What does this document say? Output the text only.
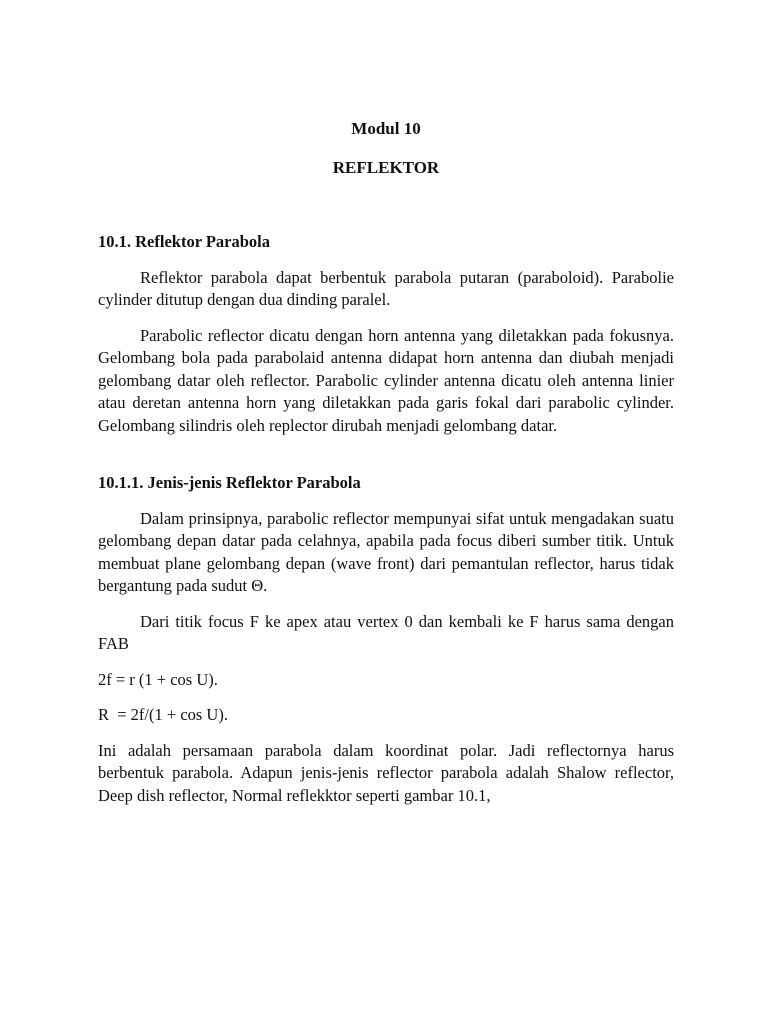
Modul 10
REFLEKTOR
10.1. Reflektor Parabola

Reflektor parabola dapat berbentuk parabola putaran (paraboloid). Parabolie cylinder ditutup dengan dua dinding paralel.

Parabolic reflector dicatu dengan horn antenna yang diletakkan pada fokusnya. Gelombang bola pada parabolaid antenna didapat horn antenna dan diubah menjadi gelombang datar oleh reflector. Parabolic cylinder antenna dicatu oleh antenna linier atau deretan antenna horn yang diletakkan pada garis fokal dari parabolic cylinder. Gelombang silindris oleh replector dirubah menjadi gelombang datar.

10.1.1. Jenis-jenis Reflektor Parabola

Dalam prinsipnya, parabolic reflector mempunyai sifat untuk mengadakan suatu gelombang depan datar pada celahnya, apabila pada focus diberi sumber titik. Untuk membuat plane gelombang depan (wave front) dari pemantulan reflector, harus tidak bergantung pada sudut Θ.

Dari titik focus F ke apex atau vertex 0 dan kembali ke F harus sama dengan FAB

2f = r (1 + cos U).

R  = 2f/(1 + cos U).

Ini adalah persamaan parabola dalam koordinat polar. Jadi reflectornya harus berbentuk parabola. Adapun jenis-jenis reflector parabola adalah Shalow reflector, Deep dish reflector, Normal reflekktor seperti gambar 10.1,
